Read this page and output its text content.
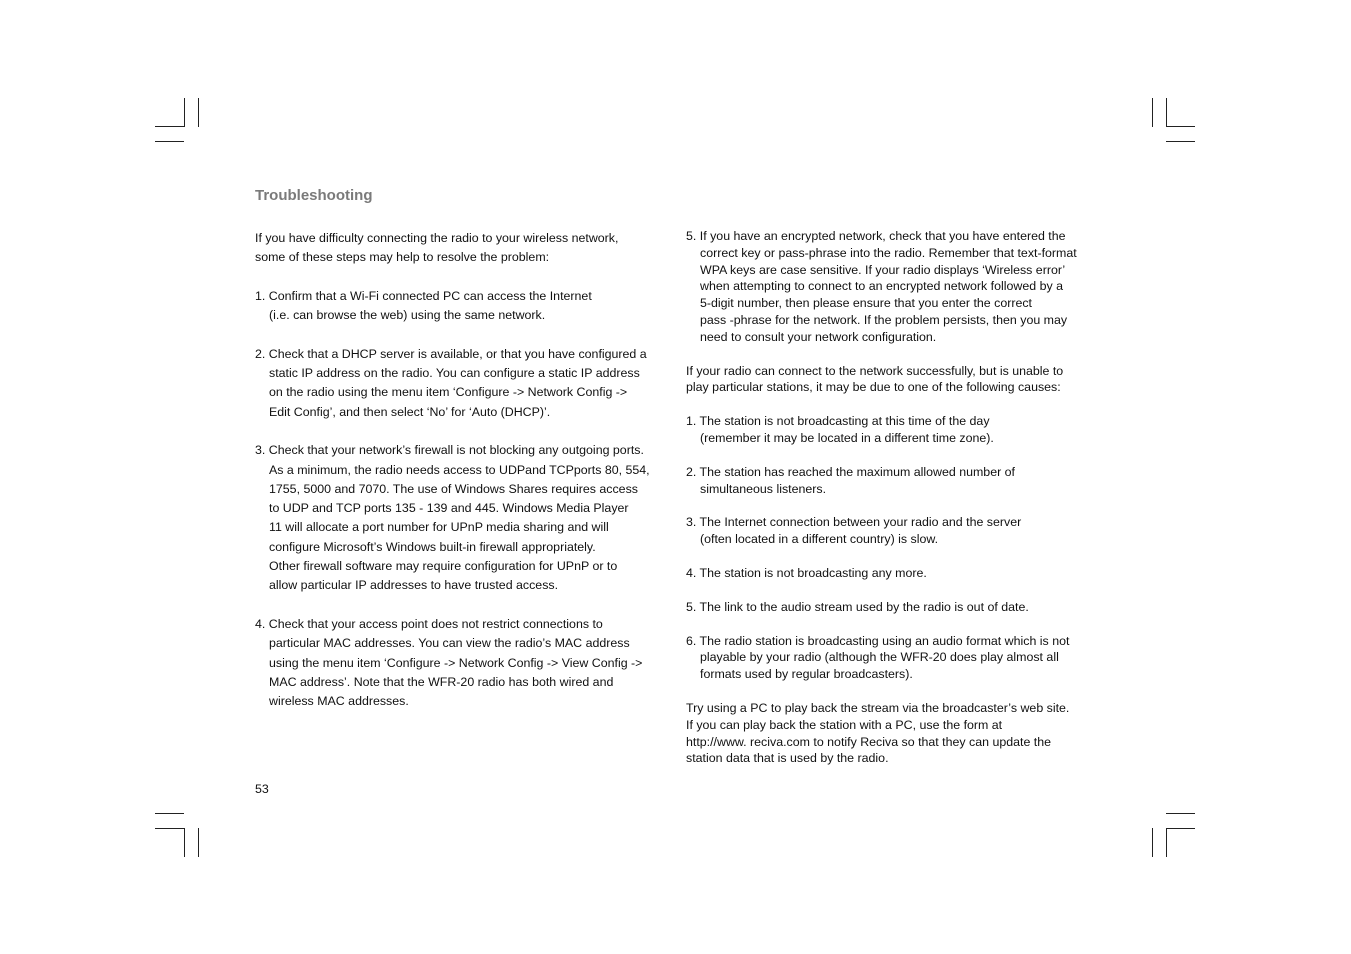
Troubleshooting
If you have difficulty connecting the radio to your wireless network,
some of these steps may help to resolve the problem:
1. Confirm that a Wi-Fi connected PC can access the Internet
(i.e. can browse the web) using the same network.
2. Check that a DHCP server is available, or that you have configured a
static IP address on the radio. You can configure a static IP address
on the radio using the menu item ‘Configure -> Network Config ->
Edit Config’, and then select ‘No’ for ‘Auto (DHCP)’.
3. Check that your network’s firewall is not blocking any outgoing ports.
As a minimum, the radio needs access to UDPand TCPports 80, 554,
1755, 5000 and 7070. The use of Windows Shares requires access
to UDP and TCP ports 135 - 139 and 445. Windows Media Player
11 will allocate a port number for UPnP media sharing and will
configure Microsoft’s Windows built-in firewall appropriately.
Other firewall software may require configuration for UPnP or to
allow particular IP addresses to have trusted access.
4. Check that your access point does not restrict connections to
particular MAC addresses. You can view the radio’s MAC address
using the menu item ‘Configure -> Network Config -> View Config ->
MAC address’. Note that the WFR-20 radio has both wired and
wireless MAC addresses.
5. If you have an encrypted network, check that you have entered the
correct key or pass-phrase into the radio. Remember that text-format
WPA keys are case sensitive. If your radio displays ‘Wireless error’
when attempting to connect to an encrypted network followed by a
5-digit number, then please ensure that you enter the correct
pass -phrase for the network. If the problem persists, then you may
need to consult your network configuration.
If your radio can connect to the network successfully, but is unable to
play particular stations, it may be due to one of the following causes:
1. The station is not broadcasting at this time of the day
(remember it may be located in a different time zone).
2. The station has reached the maximum allowed number of
simultaneous listeners.
3. The Internet connection between your radio and the server
(often located in a different country) is slow.
4. The station is not broadcasting any more.
5. The link to the audio stream used by the radio is out of date.
6. The radio station is broadcasting using an audio format which is not
playable by your radio (although the WFR-20 does play almost all
formats used by regular broadcasters).
Try using a PC to play back the stream via the broadcaster’s web site.
If you can play back the station with a PC, use the form at
http://www. reciva.com to notify Reciva so that they can update the
station data that is used by the radio.
53
